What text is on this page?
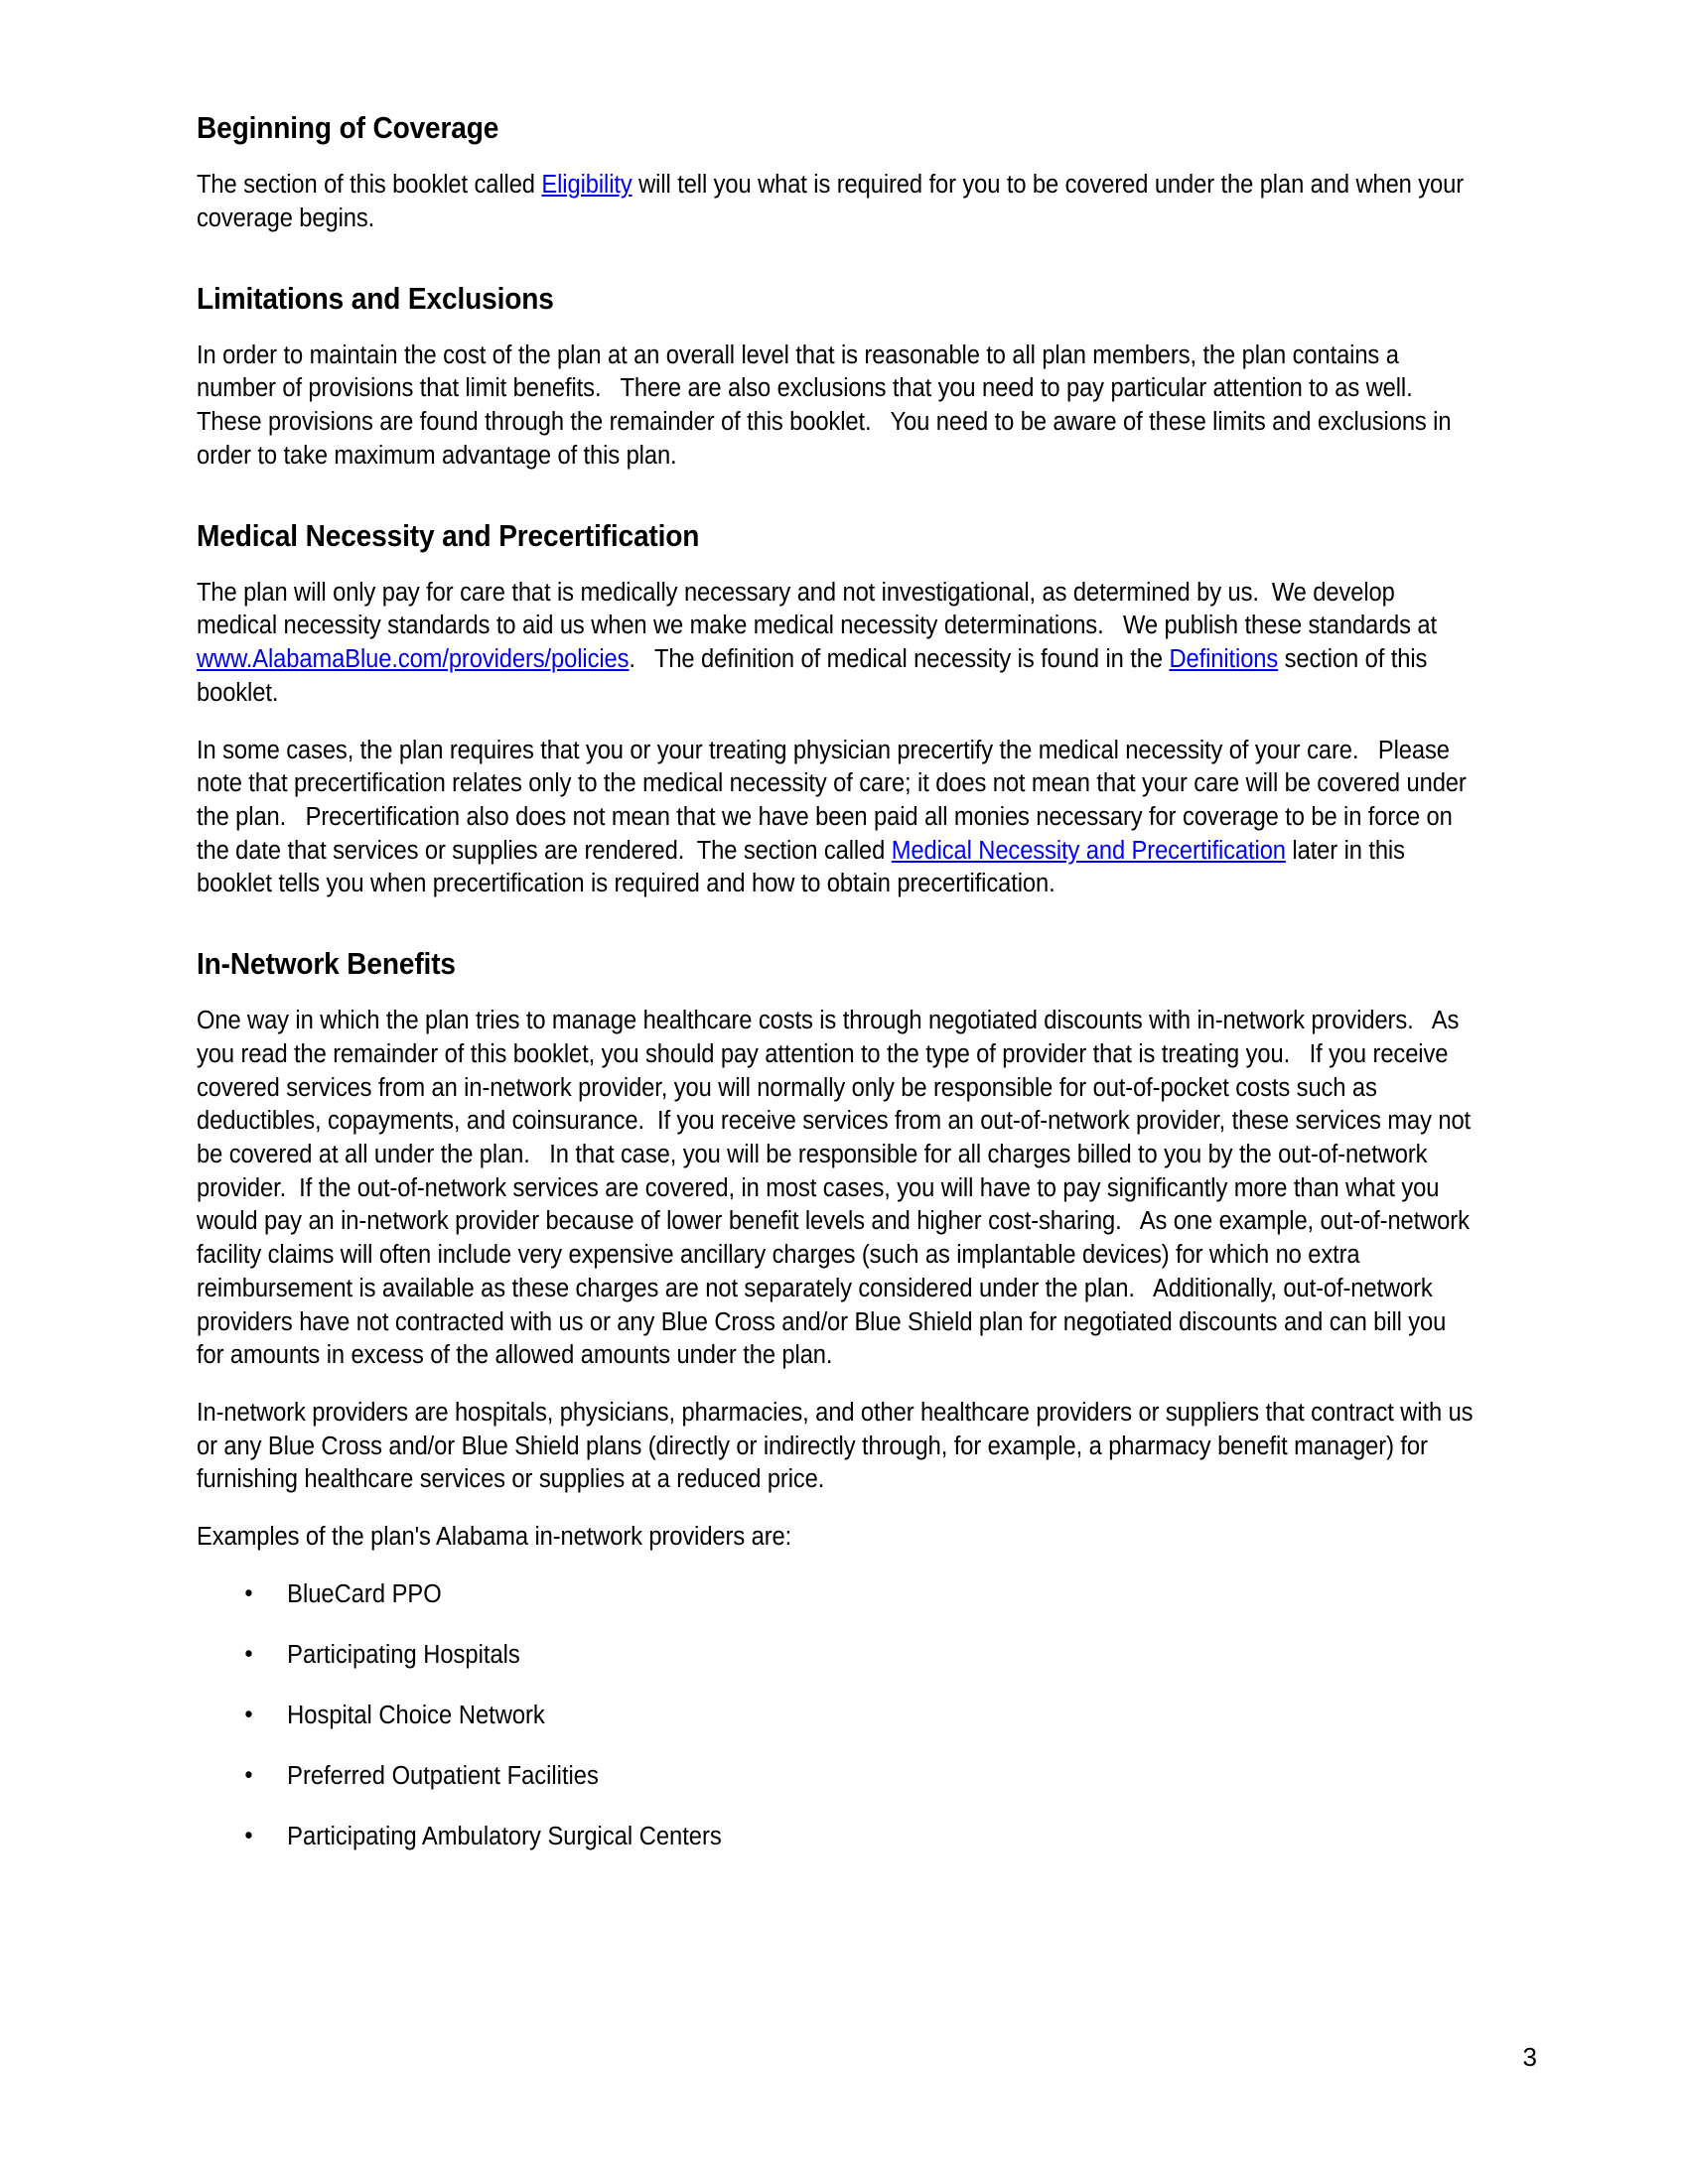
Beginning of Coverage

The section of this booklet called Eligibility will tell you what is required for you to be covered under the plan and when your coverage begins.

Limitations and Exclusions

In order to maintain the cost of the plan at an overall level that is reasonable to all plan members, the plan contains a number of provisions that limit benefits.   There are also exclusions that you need to pay particular attention to as well.   These provisions are found through the remainder of this booklet.   You need to be aware of these limits and exclusions in order to take maximum advantage of this plan.

Medical Necessity and Precertification

The plan will only pay for care that is medically necessary and not investigational, as determined by us.  We develop medical necessity standards to aid us when we make medical necessity determinations.   We publish these standards at www.AlabamaBlue.com/providers/policies.   The definition of medical necessity is found in the Definitions section of this booklet.

In some cases, the plan requires that you or your treating physician precertify the medical necessity of your care.   Please note that precertification relates only to the medical necessity of care; it does not mean that your care will be covered under the plan.   Precertification also does not mean that we have been paid all monies necessary for coverage to be in force on the date that services or supplies are rendered.  The section called Medical Necessity and Precertification later in this booklet tells you when precertification is required and how to obtain precertification.

In-Network Benefits

One way in which the plan tries to manage healthcare costs is through negotiated discounts with in-network providers.   As you read the remainder of this booklet, you should pay attention to the type of provider that is treating you.   If you receive covered services from an in-network provider, you will normally only be responsible for out-of-pocket costs such as deductibles, copayments, and coinsurance.  If you receive services from an out-of-network provider, these services may not be covered at all under the plan.   In that case, you will be responsible for all charges billed to you by the out-of-network provider.  If the out-of-network services are covered, in most cases, you will have to pay significantly more than what you would pay an in-network provider because of lower benefit levels and higher cost-sharing.   As one example, out-of-network facility claims will often include very expensive ancillary charges (such as implantable devices) for which no extra reimbursement is available as these charges are not separately considered under the plan.   Additionally, out-of-network providers have not contracted with us or any Blue Cross and/or Blue Shield plan for negotiated discounts and can bill you for amounts in excess of the allowed amounts under the plan.

In-network providers are hospitals, physicians, pharmacies, and other healthcare providers or suppliers that contract with us or any Blue Cross and/or Blue Shield plans (directly or indirectly through, for example, a pharmacy benefit manager) for furnishing healthcare services or supplies at a reduced price.

Examples of the plan's Alabama in-network providers are:

• BlueCard PPO
• Participating Hospitals
• Hospital Choice Network
• Preferred Outpatient Facilities
• Participating Ambulatory Surgical Centers
3
